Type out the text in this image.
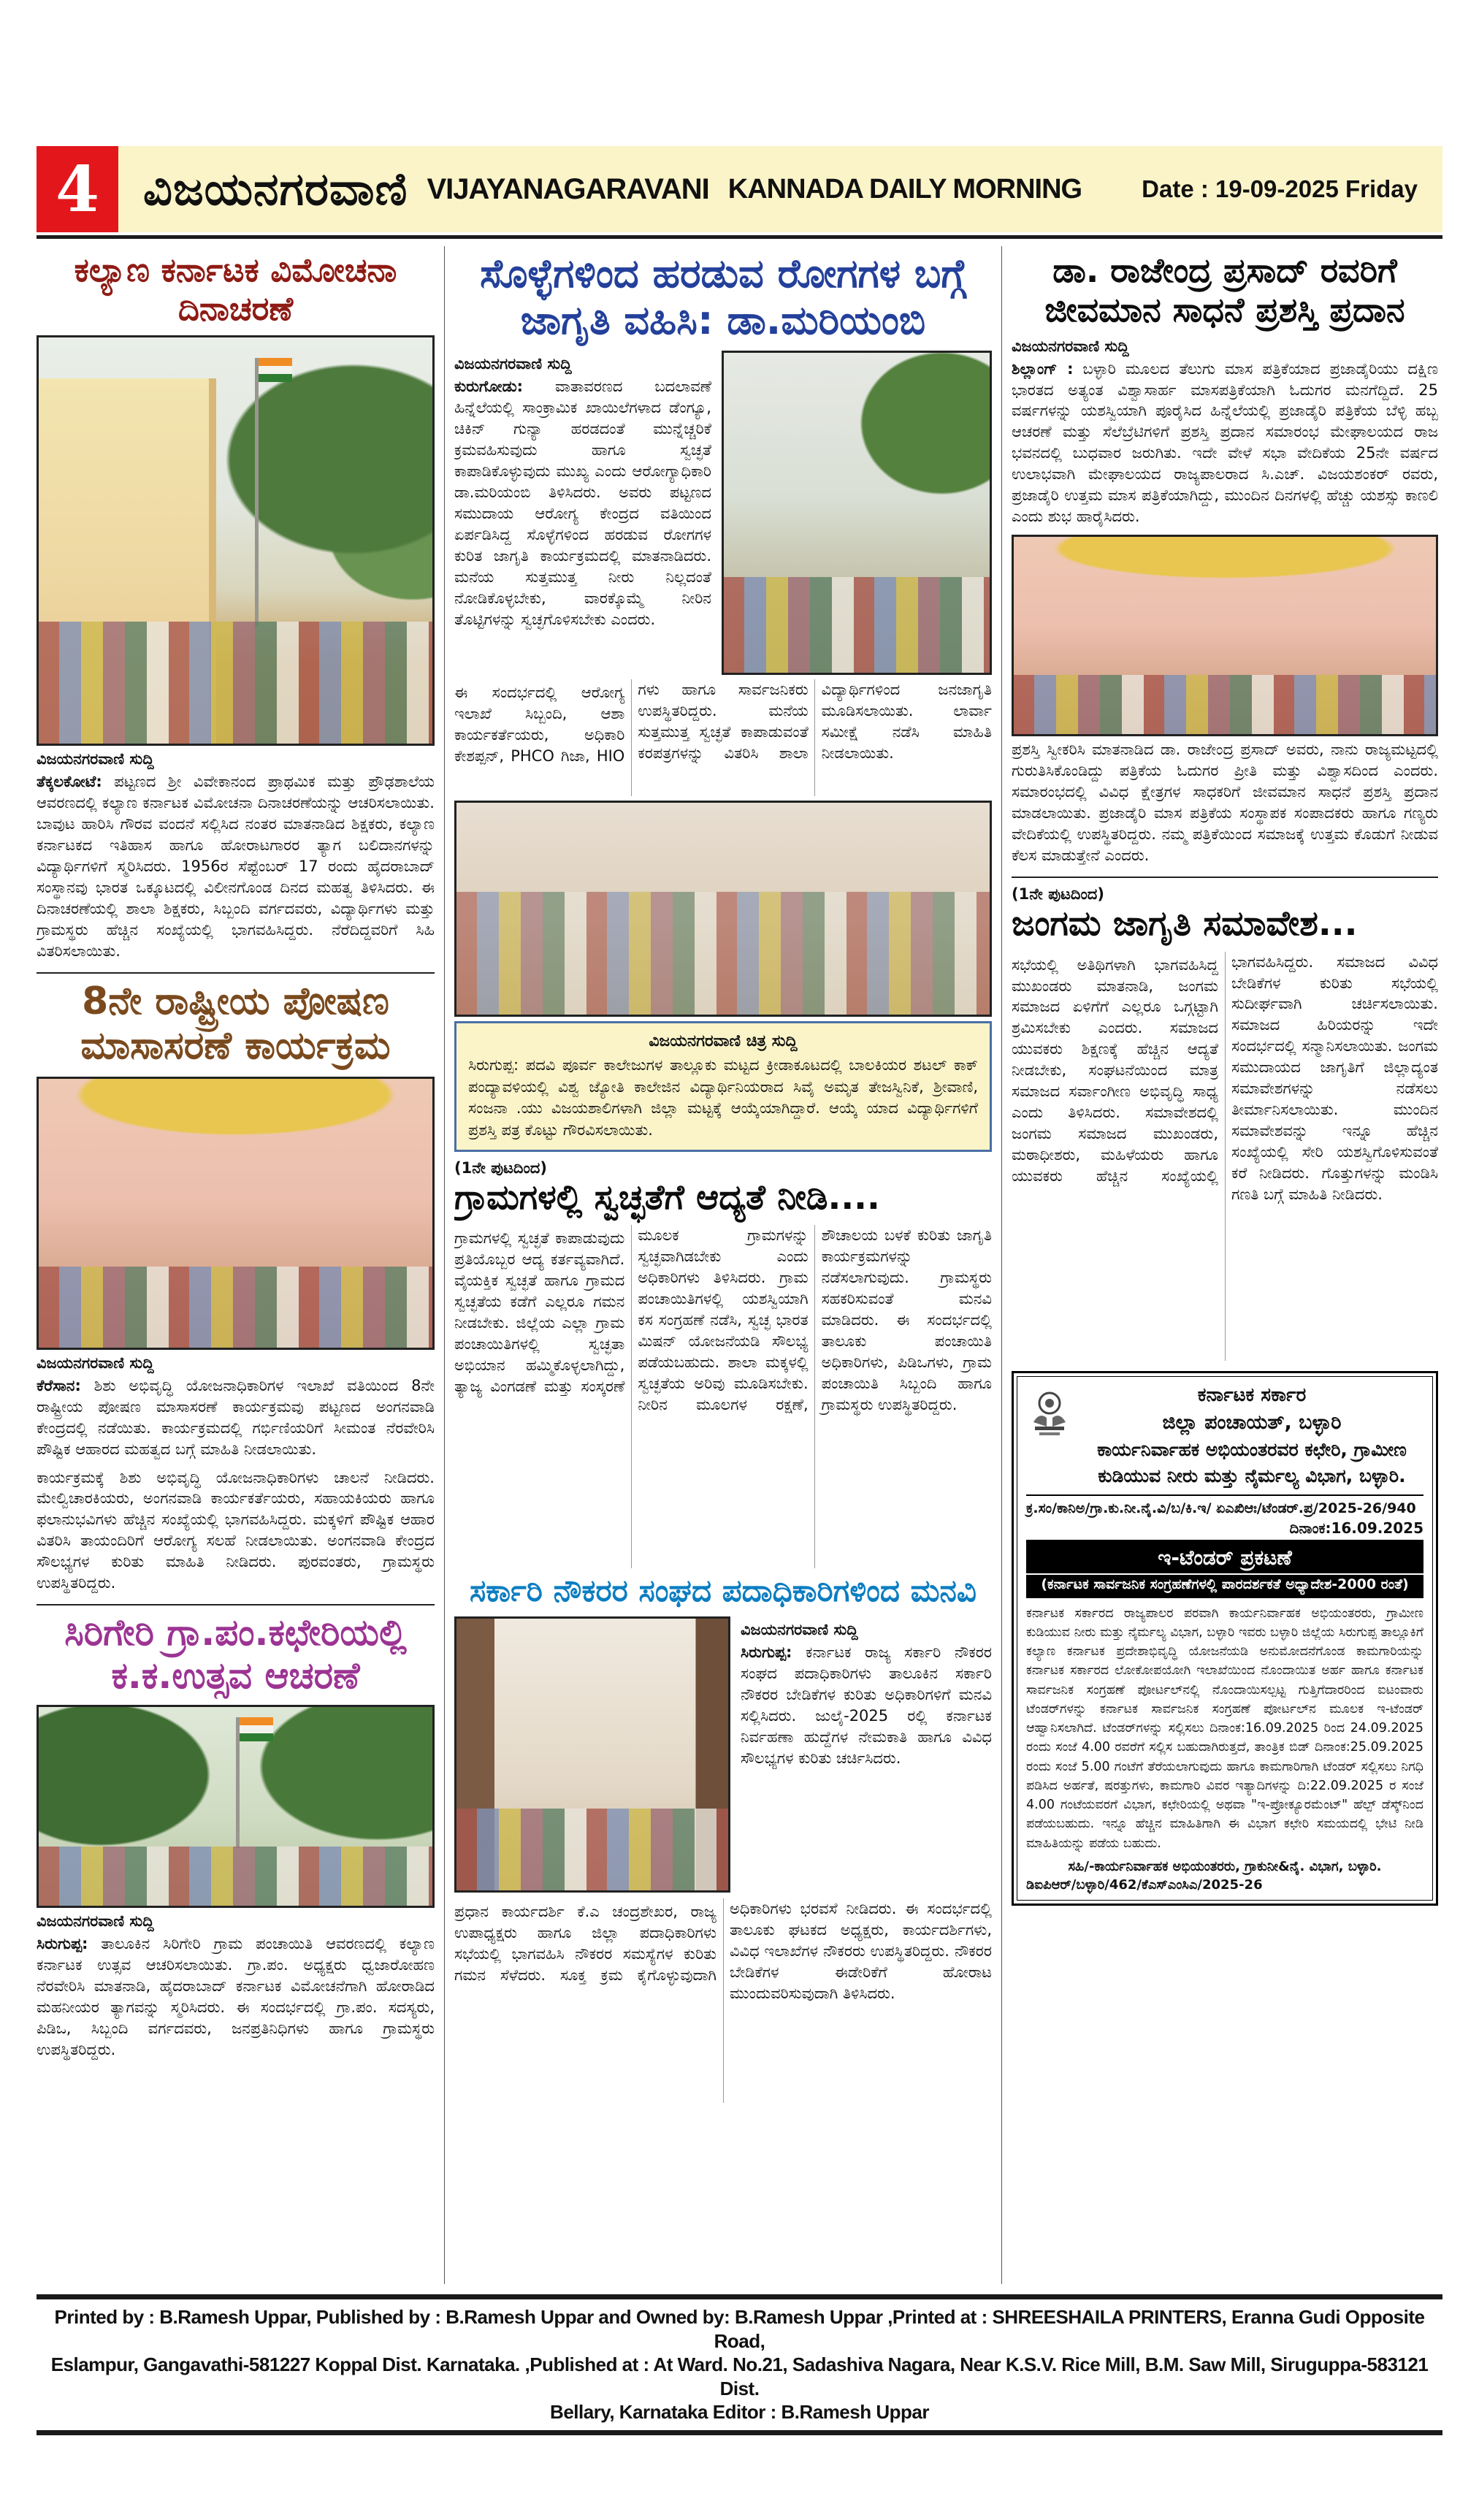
4 ವಿಜಯನಗರವಾಣಿ VIJAYANAGARAVANI KANNADA DAILY MORNING Date : 19-09-2025 Friday
ಕಲ್ಯಾಣ ಕರ್ನಾಟಕ ವಿಮೋಚನಾ ದಿನಾಚರಣೆ

ವಿಜಯನಗರವಾಣಿ ಸುದ್ದಿ

ತೆಕ್ಕಲಕೋಟೆ: ಪಟ್ಟಣದ ಶ್ರೀ ವಿವೇಕಾನಂದ ಪ್ರಾಥಮಿಕ ಮತ್ತು ಪ್ರೌಢಶಾಲೆಯ ಆವರಣದಲ್ಲಿ ಕಲ್ಯಾಣ ಕರ್ನಾಟಕ ವಿಮೋಚನಾ ದಿನಾಚರಣೆಯನ್ನು ಆಚರಿಸಲಾಯಿತು. ಬಾವುಟ ಹಾರಿಸಿ ಗೌರವ ವಂದನೆ ಸಲ್ಲಿಸಿದ ನಂತರ ಮಾತನಾಡಿದ ಶಿಕ್ಷಕರು, ಕಲ್ಯಾಣ ಕರ್ನಾಟಕದ ಇತಿಹಾಸ ಹಾಗೂ ಹೋರಾಟಗಾರರ ತ್ಯಾಗ ಬಲಿದಾನಗಳನ್ನು ವಿದ್ಯಾರ್ಥಿಗಳಿಗೆ ಸ್ಮರಿಸಿದರು. 1956ರ ಸೆಪ್ಟೆಂಬರ್ 17 ರಂದು ಹೈದರಾಬಾದ್ ಸಂಸ್ಥಾನವು ಭಾರತ ಒಕ್ಕೂಟದಲ್ಲಿ ವಿಲೀನಗೊಂಡ ದಿನದ ಮಹತ್ವ ತಿಳಿಸಿದರು. ಈ ದಿನಾಚರಣೆಯಲ್ಲಿ ಶಾಲಾ ಶಿಕ್ಷಕರು, ಸಿಬ್ಬಂದಿ ವರ್ಗದವರು, ವಿದ್ಯಾರ್ಥಿಗಳು ಮತ್ತು ಗ್ರಾಮಸ್ಥರು ಹೆಚ್ಚಿನ ಸಂಖ್ಯೆಯಲ್ಲಿ ಭಾಗವಹಿಸಿದ್ದರು. ನೆರೆದಿದ್ದವರಿಗೆ ಸಿಹಿ ವಿತರಿಸಲಾಯಿತು.

8ನೇ ರಾಷ್ಟ್ರೀಯ ಪೋಷಣ ಮಾಸಾಸರಣೆ ಕಾರ್ಯಕ್ರಮ

ವಿಜಯನಗರವಾಣಿ ಸುದ್ದಿ

ಕೆರೆಸಾನ: ಶಿಶು ಅಭಿವೃದ್ಧಿ ಯೋಜನಾಧಿಕಾರಿಗಳ ಇಲಾಖೆ ವತಿಯಿಂದ 8ನೇ ರಾಷ್ಟ್ರೀಯ ಪೋಷಣ ಮಾಸಾಸರಣೆ ಕಾರ್ಯಕ್ರಮವು ಪಟ್ಟಣದ ಅಂಗನವಾಡಿ ಕೇಂದ್ರದಲ್ಲಿ ನಡೆಯಿತು. ಕಾರ್ಯಕ್ರಮದಲ್ಲಿ ಗರ್ಭಿಣಿಯರಿಗೆ ಸೀಮಂತ ನೆರವೇರಿಸಿ ಪೌಷ್ಟಿಕ ಆಹಾರದ ಮಹತ್ವದ ಬಗ್ಗೆ ಮಾಹಿತಿ ನೀಡಲಾಯಿತು.

ಕಾರ್ಯಕ್ರಮಕ್ಕೆ ಶಿಶು ಅಭಿವೃದ್ಧಿ ಯೋಜನಾಧಿಕಾರಿಗಳು ಚಾಲನೆ ನೀಡಿದರು. ಮೇಲ್ವಿಚಾರಕಿಯರು, ಅಂಗನವಾಡಿ ಕಾರ್ಯಕರ್ತೆಯರು, ಸಹಾಯಕಿಯರು ಹಾಗೂ ಫಲಾನುಭವಿಗಳು ಹೆಚ್ಚಿನ ಸಂಖ್ಯೆಯಲ್ಲಿ ಭಾಗವಹಿಸಿದ್ದರು. ಮಕ್ಕಳಿಗೆ ಪೌಷ್ಟಿಕ ಆಹಾರ ವಿತರಿಸಿ ತಾಯಂದಿರಿಗೆ ಆರೋಗ್ಯ ಸಲಹೆ ನೀಡಲಾಯಿತು. ಅಂಗನವಾಡಿ ಕೇಂದ್ರದ ಸೌಲಭ್ಯಗಳ ಕುರಿತು ಮಾಹಿತಿ ನೀಡಿದರು. ಪುರವಂತರು, ಗ್ರಾಮಸ್ಥರು ಉಪಸ್ಥಿತರಿದ್ದರು.

ಸಿರಿಗೇರಿ ಗ್ರಾ.ಪಂ.ಕಛೇರಿಯಲ್ಲಿ ಕ.ಕ.ಉತ್ಸವ ಆಚರಣೆ

ವಿಜಯನಗರವಾಣಿ ಸುದ್ದಿ

ಸಿರುಗುಪ್ಪ: ತಾಲೂಕಿನ ಸಿರಿಗೇರಿ ಗ್ರಾಮ ಪಂಚಾಯಿತಿ ಆವರಣದಲ್ಲಿ ಕಲ್ಯಾಣ ಕರ್ನಾಟಕ ಉತ್ಸವ ಆಚರಿಸಲಾಯಿತು. ಗ್ರಾ.ಪಂ. ಅಧ್ಯಕ್ಷರು ಧ್ವಜಾರೋಹಣ ನೆರವೇರಿಸಿ ಮಾತನಾಡಿ, ಹೈದರಾಬಾದ್ ಕರ್ನಾಟಕ ವಿಮೋಚನೆಗಾಗಿ ಹೋರಾಡಿದ ಮಹನೀಯರ ತ್ಯಾಗವನ್ನು ಸ್ಮರಿಸಿದರು. ಈ ಸಂದರ್ಭದಲ್ಲಿ ಗ್ರಾ.ಪಂ. ಸದಸ್ಯರು, ಪಿಡಿಒ, ಸಿಬ್ಬಂದಿ ವರ್ಗದವರು, ಜನಪ್ರತಿನಿಧಿಗಳು ಹಾಗೂ ಗ್ರಾಮಸ್ಥರು ಉಪಸ್ಥಿತರಿದ್ದರು.

ಸೊಳ್ಳೆಗಳಿಂದ ಹರಡುವ ರೋಗಗಳ ಬಗ್ಗೆ ಜಾಗೃತಿ ವಹಿಸಿ: ಡಾ.ಮರಿಯಂಬಿ

ವಿಜಯನಗರವಾಣಿ ಸುದ್ದಿ

ಕುರುಗೋಡು: ವಾತಾವರಣದ ಬದಲಾವಣೆ ಹಿನ್ನೆಲೆಯಲ್ಲಿ ಸಾಂಕ್ರಾಮಿಕ ಖಾಯಿಲೆಗಳಾದ ಡೆಂಗ್ಯೂ, ಚಿಕಿನ್ ಗುನ್ಯಾ ಹರಡದಂತೆ ಮುನ್ನೆಚ್ಚರಿಕೆ ಕ್ರಮವಹಿಸುವುದು ಹಾಗೂ ಸ್ವಚ್ಛತೆ ಕಾಪಾಡಿಕೊಳ್ಳುವುದು ಮುಖ್ಯ ಎಂದು ಆರೋಗ್ಯಾಧಿಕಾರಿ ಡಾ.ಮರಿಯಂಬಿ ತಿಳಿಸಿದರು. ಅವರು ಪಟ್ಟಣದ ಸಮುದಾಯ ಆರೋಗ್ಯ ಕೇಂದ್ರದ ವತಿಯಿಂದ ಏರ್ಪಡಿಸಿದ್ದ ಸೊಳ್ಳೆಗಳಿಂದ ಹರಡುವ ರೋಗಗಳ ಕುರಿತ ಜಾಗೃತಿ ಕಾರ್ಯಕ್ರಮದಲ್ಲಿ ಮಾತನಾಡಿದರು. ಮನೆಯ ಸುತ್ತಮುತ್ತ ನೀರು ನಿಲ್ಲದಂತೆ ನೋಡಿಕೊಳ್ಳಬೇಕು, ವಾರಕ್ಕೊಮ್ಮೆ ನೀರಿನ ತೊಟ್ಟಿಗಳನ್ನು ಸ್ವಚ್ಛಗೊಳಿಸಬೇಕು ಎಂದರು.

ಈ ಸಂದರ್ಭದಲ್ಲಿ ಆರೋಗ್ಯ ಇಲಾಖೆ ಸಿಬ್ಬಂದಿ, ಆಶಾ ಕಾರ್ಯಕರ್ತೆಯರು, ಅಧಿಕಾರಿ ಕೇಶಪ್ಪನ್, PHCO ಗಿಜಾ, HIO ಗಳು ಹಾಗೂ ಸಾರ್ವಜನಿಕರು ಉಪಸ್ಥಿತರಿದ್ದರು. ಮನೆಯ ಸುತ್ತಮುತ್ತ ಸ್ವಚ್ಛತೆ ಕಾಪಾಡುವಂತೆ ಕರಪತ್ರಗಳನ್ನು ವಿತರಿಸಿ ಶಾಲಾ ವಿದ್ಯಾರ್ಥಿಗಳಿಂದ ಜನಜಾಗೃತಿ ಮೂಡಿಸಲಾಯಿತು. ಲಾರ್ವಾ ಸಮೀಕ್ಷೆ ನಡೆಸಿ ಮಾಹಿತಿ ನೀಡಲಾಯಿತು.

ವಿಜಯನಗರವಾಣಿ ಚಿತ್ರ ಸುದ್ದಿ
ಸಿರುಗುಪ್ಪ: ಪದವಿ ಪೂರ್ವ ಕಾಲೇಜುಗಳ ತಾಲ್ಲೂಕು ಮಟ್ಟದ ಕ್ರೀಡಾಕೂಟದಲ್ಲಿ ಬಾಲಕಿಯರ ಶಟಲ್ ಕಾಕ್ ಪಂದ್ಯಾವಳಿಯಲ್ಲಿ ವಿಶ್ವ ಜ್ಯೋತಿ ಕಾಲೇಜಿನ ವಿದ್ಯಾರ್ಥಿನಿಯರಾದ ಸಿವೈ ಅಮೃತ ತೇಜಸ್ವಿನಿಕೆ, ಶ್ರೀವಾಣಿ, ಸಂಜನಾ .ಯು ವಿಜಯಶಾಲಿಗಳಾಗಿ ಜಿಲ್ಲಾ ಮಟ್ಟಕ್ಕೆ ಆಯ್ಕೆಯಾಗಿದ್ದಾರೆ. ಆಯ್ಕೆ ಯಾದ ವಿದ್ಯಾರ್ಥಿಗಳಿಗೆ ಪ್ರಶಸ್ತಿ ಪತ್ರ ಕೊಟ್ಟು ಗೌರವಿಸಲಾಯಿತು.

(1ನೇ ಪುಟದಿಂದ)

ಗ್ರಾಮಗಳಲ್ಲಿ ಸ್ವಚ್ಛತೆಗೆ ಆದ್ಯತೆ ನೀಡಿ....

ಗ್ರಾಮಗಳಲ್ಲಿ ಸ್ವಚ್ಛತೆ ಕಾಪಾಡುವುದು ಪ್ರತಿಯೊಬ್ಬರ ಆದ್ಯ ಕರ್ತವ್ಯವಾಗಿದೆ. ವೈಯಕ್ತಿಕ ಸ್ವಚ್ಛತೆ ಹಾಗೂ ಗ್ರಾಮದ ಸ್ವಚ್ಛತೆಯ ಕಡೆಗೆ ಎಲ್ಲರೂ ಗಮನ ನೀಡಬೇಕು. ಜಿಲ್ಲೆಯ ಎಲ್ಲಾ ಗ್ರಾಮ ಪಂಚಾಯಿತಿಗಳಲ್ಲಿ ಸ್ವಚ್ಛತಾ ಅಭಿಯಾನ ಹಮ್ಮಿಕೊಳ್ಳಲಾಗಿದ್ದು, ತ್ಯಾಜ್ಯ ವಿಂಗಡಣೆ ಮತ್ತು ಸಂಸ್ಕರಣೆ ಮೂಲಕ ಗ್ರಾಮಗಳನ್ನು ಸ್ವಚ್ಛವಾಗಿಡಬೇಕು ಎಂದು ಅಧಿಕಾರಿಗಳು ತಿಳಿಸಿದರು. ಗ್ರಾಮ ಪಂಚಾಯಿತಿಗಳಲ್ಲಿ ಯಶಸ್ವಿಯಾಗಿ ಕಸ ಸಂಗ್ರಹಣೆ ನಡೆಸಿ, ಸ್ವಚ್ಛ ಭಾರತ ಮಿಷನ್ ಯೋಜನೆಯಡಿ ಸೌಲಭ್ಯ ಪಡೆಯಬಹುದು. ಶಾಲಾ ಮಕ್ಕಳಲ್ಲಿ ಸ್ವಚ್ಛತೆಯ ಅರಿವು ಮೂಡಿಸಬೇಕು. ನೀರಿನ ಮೂಲಗಳ ರಕ್ಷಣೆ, ಶೌಚಾಲಯ ಬಳಕೆ ಕುರಿತು ಜಾಗೃತಿ ಕಾರ್ಯಕ್ರಮಗಳನ್ನು ನಡೆಸಲಾಗುವುದು. ಗ್ರಾಮಸ್ಥರು ಸಹಕರಿಸುವಂತೆ ಮನವಿ ಮಾಡಿದರು. ಈ ಸಂದರ್ಭದಲ್ಲಿ ತಾಲೂಕು ಪಂಚಾಯಿತಿ ಅಧಿಕಾರಿಗಳು, ಪಿಡಿಒಗಳು, ಗ್ರಾಮ ಪಂಚಾಯಿತಿ ಸಿಬ್ಬಂದಿ ಹಾಗೂ ಗ್ರಾಮಸ್ಥರು ಉಪಸ್ಥಿತರಿದ್ದರು.

ಸರ್ಕಾರಿ ನೌಕರರ ಸಂಘದ ಪದಾಧಿಕಾರಿಗಳಿಂದ ಮನವಿ

ವಿಜಯನಗರವಾಣಿ ಸುದ್ದಿ

ಸಿರುಗುಪ್ಪ: ಕರ್ನಾಟಕ ರಾಜ್ಯ ಸರ್ಕಾರಿ ನೌಕರರ ಸಂಘದ ಪದಾಧಿಕಾರಿಗಳು ತಾಲೂಕಿನ ಸರ್ಕಾರಿ ನೌಕರರ ಬೇಡಿಕೆಗಳ ಕುರಿತು ಅಧಿಕಾರಿಗಳಿಗೆ ಮನವಿ ಸಲ್ಲಿಸಿದರು. ಜುಲೈ-2025 ರಲ್ಲಿ ಕರ್ನಾಟಕ ನಿರ್ವಹಣಾ ಹುದ್ದೆಗಳ ನೇಮಕಾತಿ ಹಾಗೂ ವಿವಿಧ ಸೌಲಭ್ಯಗಳ ಕುರಿತು ಚರ್ಚಿಸಿದರು.

ಪ್ರಧಾನ ಕಾರ್ಯದರ್ಶಿ ಕೆ.ಎ ಚಂದ್ರಶೇಖರ, ರಾಜ್ಯ ಉಪಾಧ್ಯಕ್ಷರು ಹಾಗೂ ಜಿಲ್ಲಾ ಪದಾಧಿಕಾರಿಗಳು ಸಭೆಯಲ್ಲಿ ಭಾಗವಹಿಸಿ ನೌಕರರ ಸಮಸ್ಯೆಗಳ ಕುರಿತು ಗಮನ ಸೆಳೆದರು. ಸೂಕ್ತ ಕ್ರಮ ಕೈಗೊಳ್ಳುವುದಾಗಿ ಅಧಿಕಾರಿಗಳು ಭರವಸೆ ನೀಡಿದರು. ಈ ಸಂದರ್ಭದಲ್ಲಿ ತಾಲೂಕು ಘಟಕದ ಅಧ್ಯಕ್ಷರು, ಕಾರ್ಯದರ್ಶಿಗಳು, ವಿವಿಧ ಇಲಾಖೆಗಳ ನೌಕರರು ಉಪಸ್ಥಿತರಿದ್ದರು. ನೌಕರರ ಬೇಡಿಕೆಗಳ ಈಡೇರಿಕೆಗೆ ಹೋರಾಟ ಮುಂದುವರಿಸುವುದಾಗಿ ತಿಳಿಸಿದರು.

ಡಾ. ರಾಜೇಂದ್ರ ಪ್ರಸಾದ್ ರವರಿಗೆ ಜೀವಮಾನ ಸಾಧನೆ ಪ್ರಶಸ್ತಿ ಪ್ರದಾನ

ವಿಜಯನಗರವಾಣಿ ಸುದ್ದಿ

ಶಿಲ್ಲಾಂಗ್ : ಬಳ್ಳಾರಿ ಮೂಲದ ತೆಲುಗು ಮಾಸ ಪತ್ರಿಕೆಯಾದ ಪ್ರಜಾಡೈರಿಯು ದಕ್ಷಿಣ ಭಾರತದ ಅತ್ಯಂತ ವಿಶ್ವಾಸಾರ್ಹ ಮಾಸಪತ್ರಿಕೆಯಾಗಿ ಓದುಗರ ಮನಗೆದ್ದಿದೆ. 25 ವರ್ಷಗಳನ್ನು ಯಶಸ್ವಿಯಾಗಿ ಪೂರೈಸಿದ ಹಿನ್ನೆಲೆಯಲ್ಲಿ ಪ್ರಜಾಡೈರಿ ಪತ್ರಿಕೆಯ ಬೆಳ್ಳಿ ಹಬ್ಬ ಆಚರಣೆ ಮತ್ತು ಸೆಲೆಬ್ರೆಟಿಗಳಿಗೆ ಪ್ರಶಸ್ತಿ ಪ್ರದಾನ ಸಮಾರಂಭ ಮೇಘಾಲಯದ ರಾಜ ಭವನದಲ್ಲಿ ಬುಧವಾರ ಜರುಗಿತು. ಇದೇ ವೇಳೆ ಸಭಾ ವೇದಿಕೆಯ 25ನೇ ವರ್ಷದ ಉಲಾಭವಾಗಿ ಮೇಘಾಲಯದ ರಾಜ್ಯಪಾಲರಾದ ಸಿ.ಎಚ್. ವಿಜಯಶಂಕರ್ ರವರು, ಪ್ರಜಾಡೈರಿ ಉತ್ತಮ ಮಾಸ ಪತ್ರಿಕೆಯಾಗಿದ್ದು, ಮುಂದಿನ ದಿನಗಳಲ್ಲಿ ಹೆಚ್ಚು ಯಶಸ್ಸು ಕಾಣಲಿ ಎಂದು ಶುಭ ಹಾರೈಸಿದರು.

ಪ್ರಶಸ್ತಿ ಸ್ವೀಕರಿಸಿ ಮಾತನಾಡಿದ ಡಾ. ರಾಜೇಂದ್ರ ಪ್ರಸಾದ್ ಅವರು, ನಾನು ರಾಜ್ಯಮಟ್ಟದಲ್ಲಿ ಗುರುತಿಸಿಕೊಂಡಿದ್ದು ಪತ್ರಿಕೆಯ ಓದುಗರ ಪ್ರೀತಿ ಮತ್ತು ವಿಶ್ವಾಸದಿಂದ ಎಂದರು. ಸಮಾರಂಭದಲ್ಲಿ ವಿವಿಧ ಕ್ಷೇತ್ರಗಳ ಸಾಧಕರಿಗೆ ಜೀವಮಾನ ಸಾಧನೆ ಪ್ರಶಸ್ತಿ ಪ್ರದಾನ ಮಾಡಲಾಯಿತು. ಪ್ರಜಾಡೈರಿ ಮಾಸ ಪತ್ರಿಕೆಯ ಸಂಸ್ಥಾಪಕ ಸಂಪಾದಕರು ಹಾಗೂ ಗಣ್ಯರು ವೇದಿಕೆಯಲ್ಲಿ ಉಪಸ್ಥಿತರಿದ್ದರು. ನಮ್ಮ ಪತ್ರಿಕೆಯಿಂದ ಸಮಾಜಕ್ಕೆ ಉತ್ತಮ ಕೊಡುಗೆ ನೀಡುವ ಕೆಲಸ ಮಾಡುತ್ತೇನೆ ಎಂದರು.

(1ನೇ ಪುಟದಿಂದ)

ಜಂಗಮ ಜಾಗೃತಿ ಸಮಾವೇಶ...

ಸಭೆಯಲ್ಲಿ ಅತಿಥಿಗಳಾಗಿ ಭಾಗವಹಿಸಿದ್ದ ಮುಖಂಡರು ಮಾತನಾಡಿ, ಜಂಗಮ ಸಮಾಜದ ಏಳಿಗೆಗೆ ಎಲ್ಲರೂ ಒಗ್ಗಟ್ಟಾಗಿ ಶ್ರಮಿಸಬೇಕು ಎಂದರು. ಸಮಾಜದ ಯುವಕರು ಶಿಕ್ಷಣಕ್ಕೆ ಹೆಚ್ಚಿನ ಆದ್ಯತೆ ನೀಡಬೇಕು, ಸಂಘಟನೆಯಿಂದ ಮಾತ್ರ ಸಮಾಜದ ಸರ್ವಾಂಗೀಣ ಅಭಿವೃದ್ಧಿ ಸಾಧ್ಯ ಎಂದು ತಿಳಿಸಿದರು. ಸಮಾವೇಶದಲ್ಲಿ ಜಂಗಮ ಸಮಾಜದ ಮುಖಂಡರು, ಮಠಾಧೀಶರು, ಮಹಿಳೆಯರು ಹಾಗೂ ಯುವಕರು ಹೆಚ್ಚಿನ ಸಂಖ್ಯೆಯಲ್ಲಿ ಭಾಗವಹಿಸಿದ್ದರು. ಸಮಾಜದ ವಿವಿಧ ಬೇಡಿಕೆಗಳ ಕುರಿತು ಸಭೆಯಲ್ಲಿ ಸುದೀರ್ಘವಾಗಿ ಚರ್ಚಿಸಲಾಯಿತು. ಸಮಾಜದ ಹಿರಿಯರನ್ನು ಇದೇ ಸಂದರ್ಭದಲ್ಲಿ ಸನ್ಮಾನಿಸಲಾಯಿತು. ಜಂಗಮ ಸಮುದಾಯದ ಜಾಗೃತಿಗೆ ಜಿಲ್ಲಾದ್ಯಂತ ಸಮಾವೇಶಗಳನ್ನು ನಡೆಸಲು ತೀರ್ಮಾನಿಸಲಾಯಿತು. ಮುಂದಿನ ಸಮಾವೇಶವನ್ನು ಇನ್ನೂ ಹೆಚ್ಚಿನ ಸಂಖ್ಯೆಯಲ್ಲಿ ಸೇರಿ ಯಶಸ್ವಿಗೊಳಿಸುವಂತೆ ಕರೆ ನೀಡಿದರು. ಗೊತ್ತುಗಳನ್ನು ಮಂಡಿಸಿ ಗಣತಿ ಬಗ್ಗೆ ಮಾಹಿತಿ ನೀಡಿದರು.

ಕರ್ನಾಟಕ ಸರ್ಕಾರ
ಜಿಲ್ಲಾ ಪಂಚಾಯತ್, ಬಳ್ಳಾರಿ
ಕಾರ್ಯನಿರ್ವಾಹಕ ಅಭಿಯಂತರವರ ಕಛೇರಿ, ಗ್ರಾಮೀಣ
ಕುಡಿಯುವ ನೀರು ಮತ್ತು ನೈರ್ಮಲ್ಯ ವಿಭಾಗ, ಬಳ್ಳಾರಿ.
ಕ್ರ.ಸಂ/ಕಾನಿಅ/ಗ್ರಾ.ಕು.ನೀ.ನೈ.ವಿ/ಬ/ಕಿ.ಇ/ ಏಎಖಿಆಃ/ಟೆಂಡರ್.ಪ್ರ/2025-26/940
ದಿನಾಂಕ:16.09.2025
ಇ-ಟೆಂಡರ್ ಪ್ರಕಟಣೆ
(ಕರ್ನಾಟಕ ಸಾರ್ವಜನಿಕ ಸಂಗ್ರಹಣೆಗಳಲ್ಲಿ ಪಾರದರ್ಶಕತೆ ಅಧ್ಯಾದೇಶ-2000 ರಂತೆ)
ಕರ್ನಾಟಕ ಸರ್ಕಾರದ ರಾಜ್ಯಪಾಲರ ಪರವಾಗಿ ಕಾರ್ಯನಿರ್ವಾಹಕ ಅಭಿಯಂತರರು, ಗ್ರಾಮೀಣ ಕುಡಿಯುವ ನೀರು ಮತ್ತು ನೈರ್ಮಲ್ಯ ವಿಭಾಗ, ಬಳ್ಳಾರಿ ಇವರು ಬಳ್ಳಾರಿ ಜಿಲ್ಲೆಯ ಸಿರುಗುಪ್ಪ ತಾಲ್ಲೂಕಿಗೆ ಕಲ್ಯಾಣ ಕರ್ನಾಟಕ ಪ್ರದೇಶಾಭಿವೃದ್ಧಿ ಯೋಜನೆಯಡಿ ಅನುಮೋದನೆಗೊಂಡ ಕಾಮಗಾರಿಯನ್ನು ಕರ್ನಾಟಕ ಸರ್ಕಾರದ ಲೋಕೋಪಯೋಗಿ ಇಲಾಖೆಯಿಂದ ನೊಂದಾಯಿತ ಅರ್ಹ ಹಾಗೂ ಕರ್ನಾಟಕ ಸಾರ್ವಜನಿಕ ಸಂಗ್ರಹಣೆ ಪೋರ್ಟಲ್‌ನಲ್ಲಿ ನೊಂದಾಯಿಸಲ್ಪಟ್ಟ ಗುತ್ತಿಗೆದಾರರಿಂದ ಐಟಂವಾರು ಟೆಂಡರ್‌ಗಳನ್ನು ಕರ್ನಾಟಕ ಸಾರ್ವಜನಿಕ ಸಂಗ್ರಹಣೆ ಪೋರ್ಟಲ್‌ನ ಮೂಲಕ ಇ-ಟೆಂಡರ್ ಆಹ್ವಾನಿಸಲಾಗಿದೆ. ಟೆಂಡರ್‌ಗಳನ್ನು ಸಲ್ಲಿಸಲು ದಿನಾಂಕ:16.09.2025 ರಿಂದ 24.09.2025 ರಂದು ಸಂಜೆ 4.00 ರವರೆಗೆ ಸಲ್ಲಿಸ ಬಹುದಾಗಿರುತ್ತದೆ, ತಾಂತ್ರಿಕ ಬಿಡ್ ದಿನಾಂಕ:25.09.2025 ರಂದು ಸಂಜೆ 5.00 ಗಂಟೆಗೆ ತೆರೆಯಲಾಗುವುದು ಹಾಗೂ ಕಾಮಗಾರಿಗಾಗಿ ಟೆಂಡರ್ ಸಲ್ಲಿಸಲು ನಿಗಧಿ ಪಡಿಸಿದ ಅರ್ಹತೆ, ಷರತ್ತುಗಳು, ಕಾಮಗಾರಿ ವಿವರ ಇತ್ಯಾದಿಗಳನ್ನು ದಿ:22.09.2025 ರ ಸಂಜೆ 4.00 ಗಂಟೆಯವರಗೆ ವಿಭಾಗ, ಕಛೇರಿಯಲ್ಲಿ ಅಥವಾ "ಇ-ಪ್ರೋಕ್ಯೂರಮೆಂಟ್" ಹೆಲ್ಪ್ ಡೆಸ್ಕ್‌ನಿಂದ ಪಡೆಯಬಹುದು. ಇನ್ನೂ ಹೆಚ್ಚಿನ ಮಾಹಿತಿಗಾಗಿ ಈ ವಿಭಾಗ ಕಛೇರಿ ಸಮಯದಲ್ಲಿ ಭೇಟಿ ನೀಡಿ ಮಾಹಿತಿಯನ್ನು ಪಡೆಯ ಬಹುದು.
ಸಹಿ/-ಕಾರ್ಯನಿರ್ವಾಹಕ ಅಭಿಯಂತರರು, ಗ್ರಾಕುನೀ&ನೈ. ವಿಭಾಗ, ಬಳ್ಳಾರಿ.
ಡಿಐಪಿಆರ್/ಬಳ್ಳಾರಿ/462/ಕೆಎಸ್ಎಂಸಿಎ/2025-26
Printed by : B.Ramesh Uppar, Published by : B.Ramesh Uppar and Owned by: B.Ramesh Uppar ,Printed at : SHREESHAILA PRINTERS, Eranna Gudi Opposite Road,
Eslampur, Gangavathi-581227 Koppal Dist. Karnataka. ,Published at : At Ward. No.21, Sadashiva Nagara, Near K.S.V. Rice Mill, B.M. Saw Mill, Siruguppa-583121 Dist.
Bellary, Karnataka Editor : B.Ramesh Uppar
